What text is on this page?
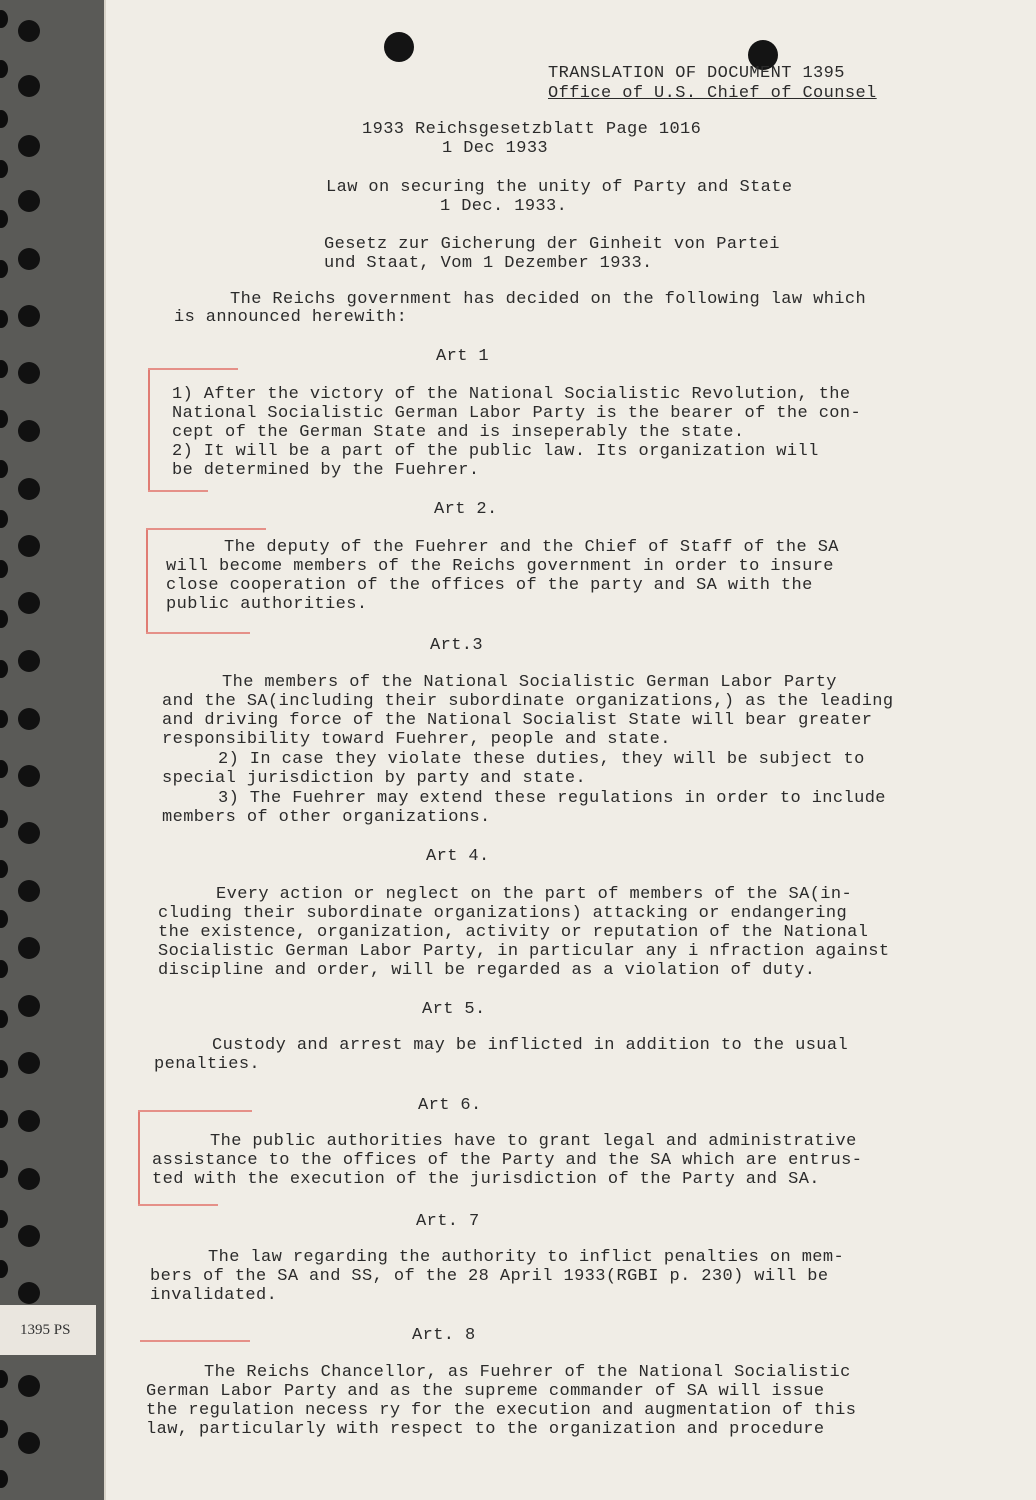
1395 PS
TRANSLATION OF DOCUMENT 1395
Office of U.S. Chief of Counsel
1933 Reichsgesetzblatt Page 1016
1 Dec 1933
Law on securing the unity of Party and State
1 Dec. 1933.
Gesetz zur Gicherung der Ginheit von Partei
und Staat, Vom 1 Dezember 1933.
The Reichs government has decided on the following law which
is announced herewith:
Art 1
1) After the victory of the National Socialistic Revolution, the
National Socialistic German Labor Party is the bearer of the con-
cept of the German State and is inseperably the state.
2) It will be a part of the public law. Its organization will
be determined by the Fuehrer.
Art 2.
The deputy of the Fuehrer and the Chief of Staff of the SA
will become members of the Reichs government in order to insure
close cooperation of the offices of the party and SA with the
public authorities.
Art.3
The members of the National Socialistic German Labor Party
and the SA(including their subordinate organizations,) as the leading
and driving force of the National Socialist State will bear greater
responsibility toward Fuehrer, people and state.
2) In case they violate these duties, they will be subject to
special jurisdiction by party and state.
3) The Fuehrer may extend these regulations in order to include
members of other organizations.
Art 4.
Every action or neglect on the part of members of the SA(in-
cluding their subordinate organizations) attacking or endangering
the existence, organization, activity or reputation of the National
Socialistic German Labor Party, in particular any i nfraction against
discipline and order, will be regarded as a violation of duty.
Art 5.
Custody and arrest may be inflicted in addition to the usual
penalties.
Art 6.
The public authorities have to grant legal and administrative
assistance to the offices of the Party and the SA which are entrus-
ted with the execution of the jurisdiction of the Party and SA.
Art. 7
The law regarding the authority to inflict penalties on mem-
bers of the SA and SS, of the 28 April 1933(RGBI p. 230) will be
invalidated.
Art. 8
The Reichs Chancellor, as Fuehrer of the National Socialistic
German Labor Party and as the supreme commander of SA will issue
the regulation necess ry for the execution and augmentation of this
law, particularly with respect to the organization and procedure
